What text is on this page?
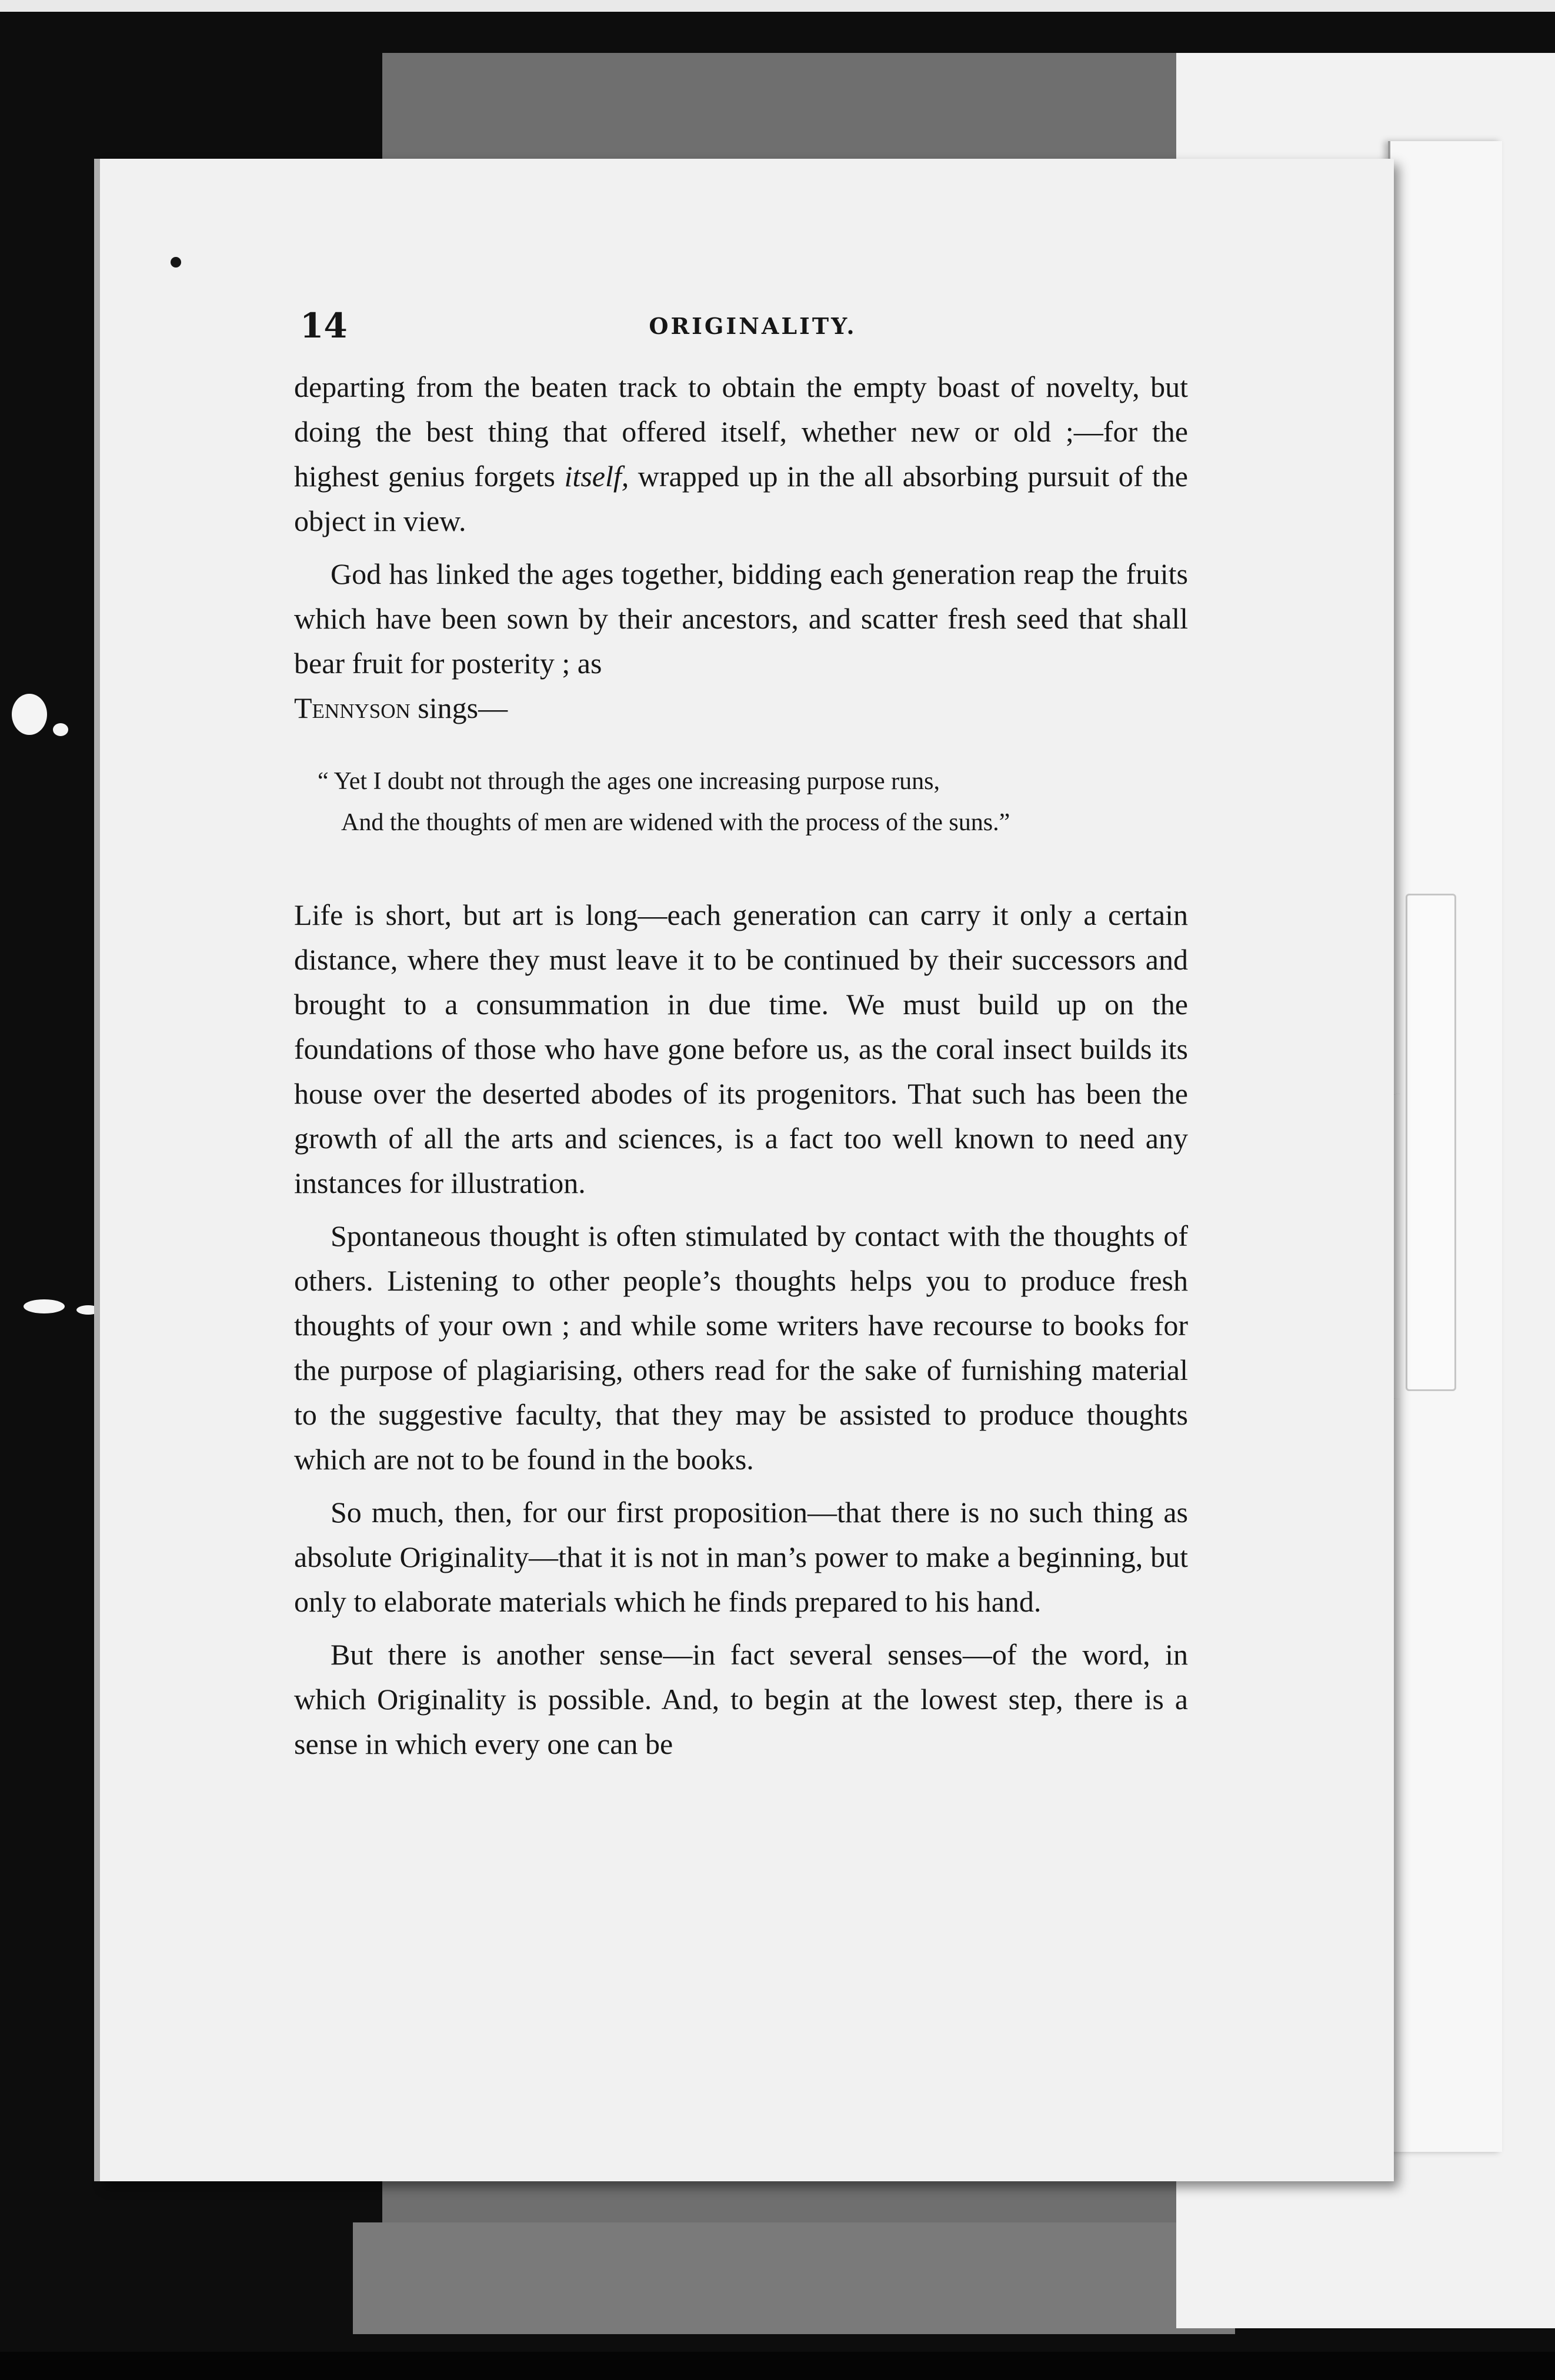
14	ORIGINALITY.

departing from the beaten track to obtain the empty boast of novelty, but doing the best thing that offered itself, whether new or old ;—for the highest genius forgets itself, wrapped up in the all absorbing pursuit of the object in view.

God has linked the ages together, bidding each generation reap the fruits which have been sown by their ancestors, and scatter fresh seed that shall bear fruit for posterity ; as
Tennyson sings—

“ Yet I doubt not through the ages one increasing purpose runs,
And the thoughts of men are widened with the process of the suns.”

Life is short, but art is long—each generation can carry it only a certain distance, where they must leave it to be continued by their successors and brought to a consummation in due time. We must build up on the foundations of those who have gone before us, as the coral insect builds its house over the deserted abodes of its progenitors. That such has been the growth of all the arts and sciences, is a fact too well known to need any instances for illustration.

Spontaneous thought is often stimulated by contact with the thoughts of others. Listening to other people’s thoughts helps you to produce fresh thoughts of your own ; and while some writers have recourse to books for the purpose of plagiarising, others read for the sake of furnishing material to the suggestive faculty, that they may be assisted to produce thoughts which are not to be found in the books.

So much, then, for our first proposition—that there is no such thing as absolute Originality—that it is not in man’s power to make a beginning, but only to elaborate materials which he finds prepared to his hand.

But there is another sense—in fact several senses—of the word, in which Originality is possible. And, to begin at the lowest step, there is a sense in which every one can be
